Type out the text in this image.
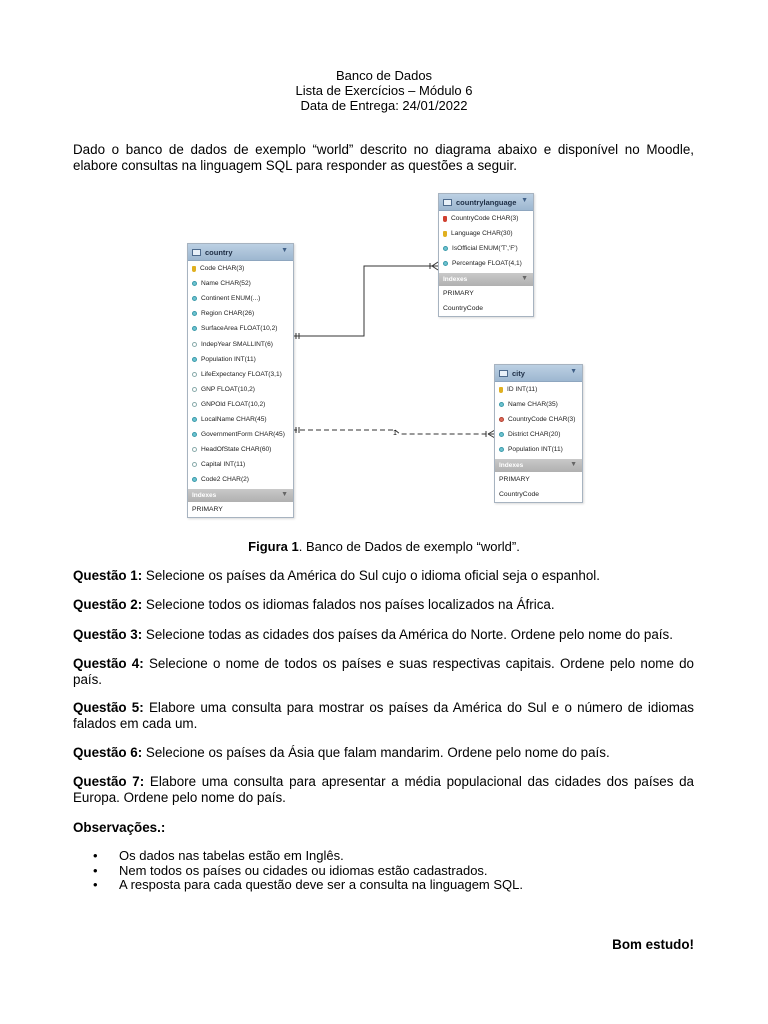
Banco de Dados
Lista de Exercícios – Módulo 6
Data de Entrega: 24/01/2022
Dado o banco de dados de exemplo “world” descrito no diagrama abaixo e disponível no Moodle, elabore consultas na linguagem SQL para responder as questões a seguir.
1
country	▼
Code CHAR(3)
Name CHAR(52)
Continent ENUM(...)
Region CHAR(26)
SurfaceArea FLOAT(10,2)
IndepYear SMALLINT(6)
Population INT(11)
LifeExpectancy FLOAT(3,1)
GNP FLOAT(10,2)
GNPOld FLOAT(10,2)
LocalName CHAR(45)
GovernmentForm CHAR(45)
HeadOfState CHAR(60)
Capital INT(11)
Code2 CHAR(2)
Indexes	▼
PRIMARY
countrylanguage ▼
CountryCode CHAR(3)
Language CHAR(30)
IsOfficial ENUM('T','F')
Percentage FLOAT(4,1)
Indexes	▼
PRIMARY
CountryCode
city	▼
ID INT(11)
Name CHAR(35)
CountryCode CHAR(3)
District CHAR(20)
Population INT(11)
Indexes	▼
PRIMARY
CountryCode
Figura 1. Banco de Dados de exemplo “world”.
Questão 1: Selecione os países da América do Sul cujo o idioma oficial seja o espanhol.
Questão 2: Selecione todos os idiomas falados nos países localizados na África.
Questão 3: Selecione todas as cidades dos países da América do Norte. Ordene pelo nome do país.
Questão 4: Selecione o nome de todos os países e suas respectivas capitais. Ordene pelo nome do país.
Questão 5: Elabore uma consulta para mostrar os países da América do Sul e o número de idiomas falados em cada um.
Questão 6: Selecione os países da Ásia que falam mandarim. Ordene pelo nome do país.
Questão 7: Elabore uma consulta para apresentar a média populacional das cidades dos países da Europa. Ordene pelo nome do país.
Observações.:
• Os dados nas tabelas estão em Inglês.
• Nem todos os países ou cidades ou idiomas estão cadastrados.
• A resposta para cada questão deve ser a consulta na linguagem SQL.
Bom estudo!
